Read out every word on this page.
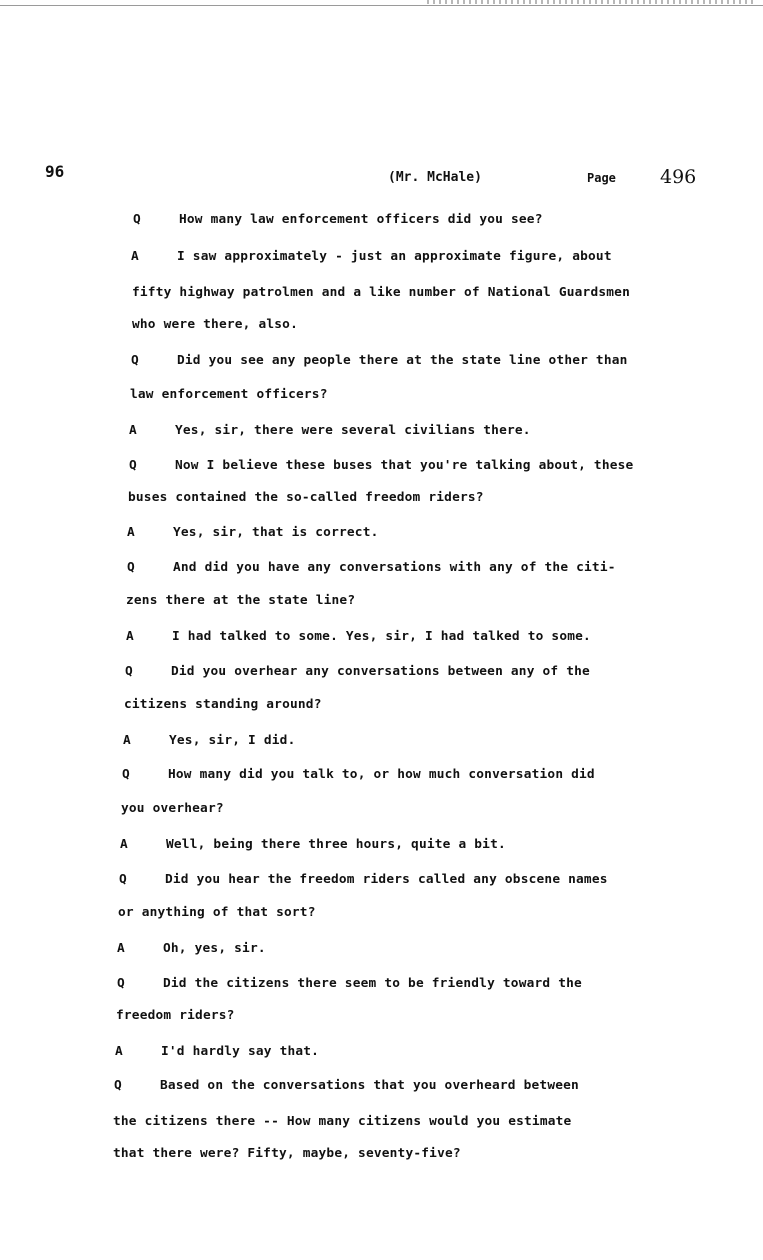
96	(Mr. McHale)	Page 496
Q	How many law enforcement officers did you see?
A	I saw approximately - just an approximate figure, about
fifty highway patrolmen and a like number of National Guardsmen
who were there, also.
Q	Did you see any people there at the state line other than
law enforcement officers?
A	Yes, sir, there were several civilians there.
Q	Now I believe these buses that you're talking about, these
buses contained the so-called freedom riders?
A	Yes, sir, that is correct.
Q	And did you have any conversations with any of the citi-
zens there at the state line?
A	I had talked to some. Yes, sir, I had talked to some.
Q	Did you overhear any conversations between any of the
citizens standing around?
A	Yes, sir, I did.
Q	How many did you talk to, or how much conversation did
you overhear?
A	Well, being there three hours, quite a bit.
Q	Did you hear the freedom riders called any obscene names
or anything of that sort?
A	Oh, yes, sir.
Q	Did the citizens there seem to be friendly toward the
freedom riders?
A	I'd hardly say that.
Q	Based on the conversations that you overheard between
the citizens there -- How many citizens would you estimate
that there were? Fifty, maybe, seventy-five?
